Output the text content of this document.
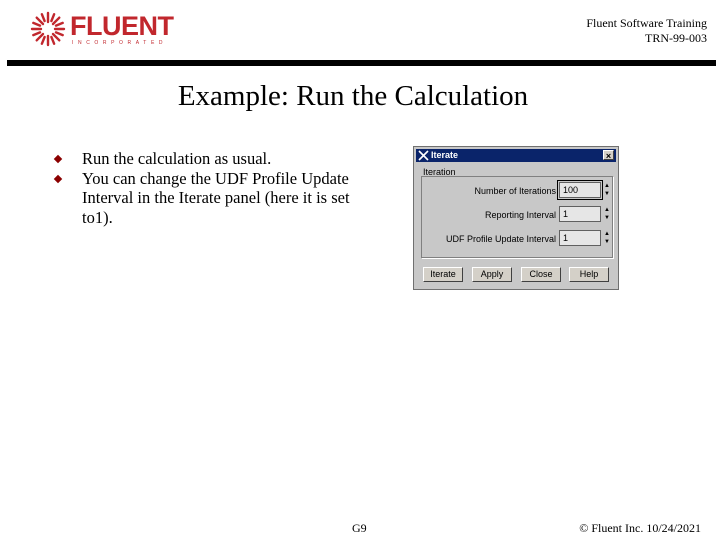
FLUENT
INCORPORATED
Fluent Software Training
TRN-99-003
Example: Run the Calculation
Run the calculation as usual.
You can change the UDF Profile Update Interval in the Iterate panel (here it is set to1).
Iterate	×
Iteration
Number of Iterations 100	▲
▼
Reporting Interval 1	▲
▼
UDF Profile Update Interval 1	▲
▼
Iterate	Apply	Close	Help
G9	© Fluent Inc. 10/24/2021
